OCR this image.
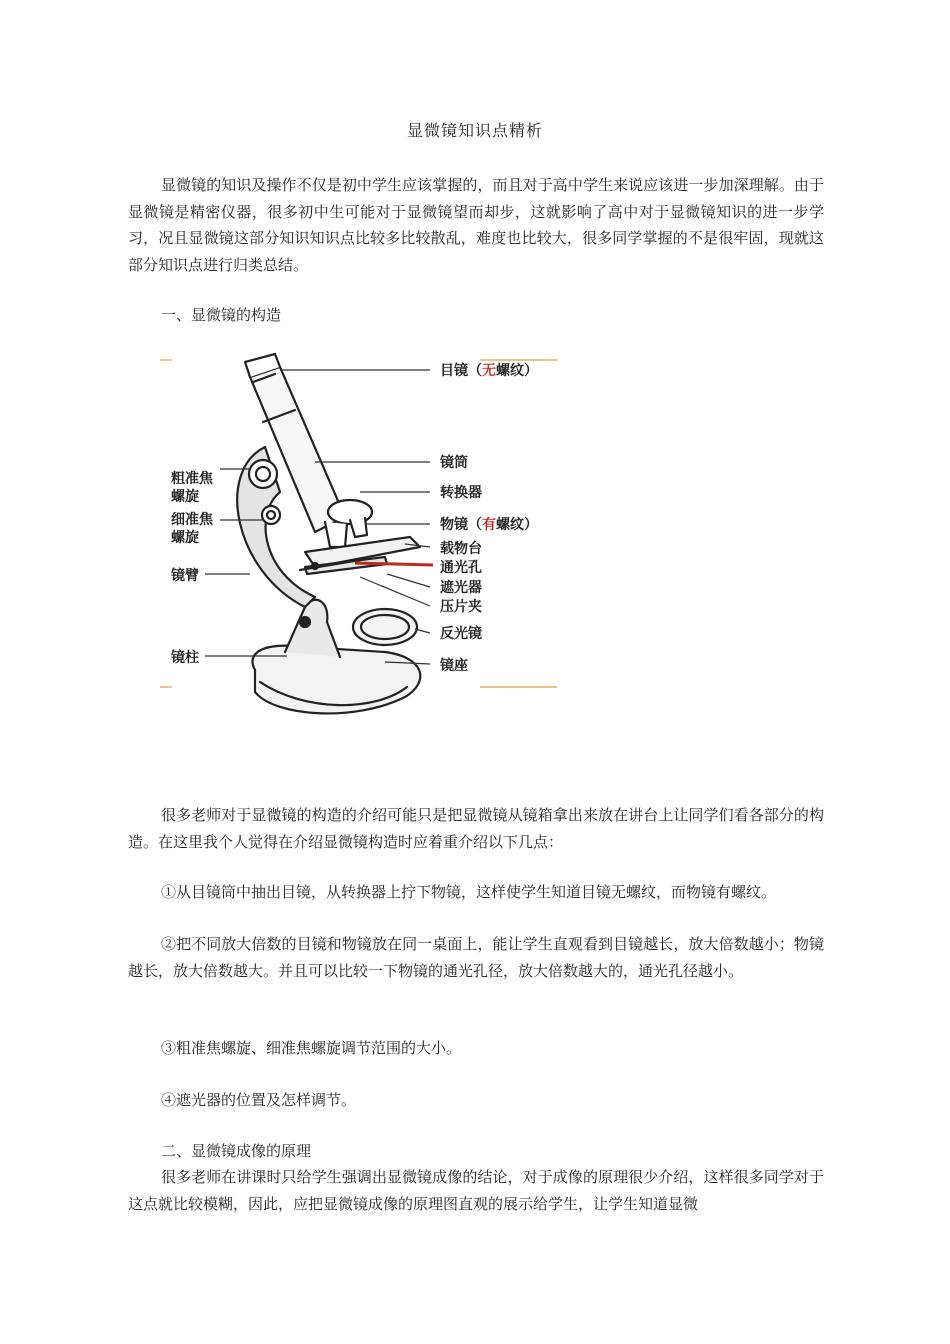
显微镜知识点精析

显微镜的知识及操作不仅是初中学生应该掌握的，而且对于高中学生来说应该进一步加深理解。由于显微镜是精密仪器，很多初中生可能对于显微镜望而却步，这就影响了高中对于显微镜知识的进一步学习，况且显微镜这部分知识知识点比较多比较散乱，难度也比较大，很多同学掌握的不是很牢固，现就这部分知识点进行归类总结。

一、显微镜的构造

目镜（无螺纹）
镜筒
转换器
物镜（有螺纹）
载物台
通光孔
遮光器
压片夹
反光镜
镜座
粗准焦
螺旋
细准焦
螺旋
镜臂
镜柱

很多老师对于显微镜的构造的介绍可能只是把显微镜从镜箱拿出来放在讲台上让同学们看各部分的构造。在这里我个人觉得在介绍显微镜构造时应着重介绍以下几点：

①从目镜筒中抽出目镜，从转换器上拧下物镜，这样使学生知道目镜无螺纹，而物镜有螺纹。

②把不同放大倍数的目镜和物镜放在同一桌面上，能让学生直观看到目镜越长，放大倍数越小；物镜越长，放大倍数越大。并且可以比较一下物镜的通光孔径，放大倍数越大的，通光孔径越小。

③粗准焦螺旋、细准焦螺旋调节范围的大小。

④遮光器的位置及怎样调节。

二、显微镜成像的原理

很多老师在讲课时只给学生强调出显微镜成像的结论，对于成像的原理很少介绍，这样很多同学对于这点就比较模糊，因此，应把显微镜成像的原理图直观的展示给学生，让学生知道显微
